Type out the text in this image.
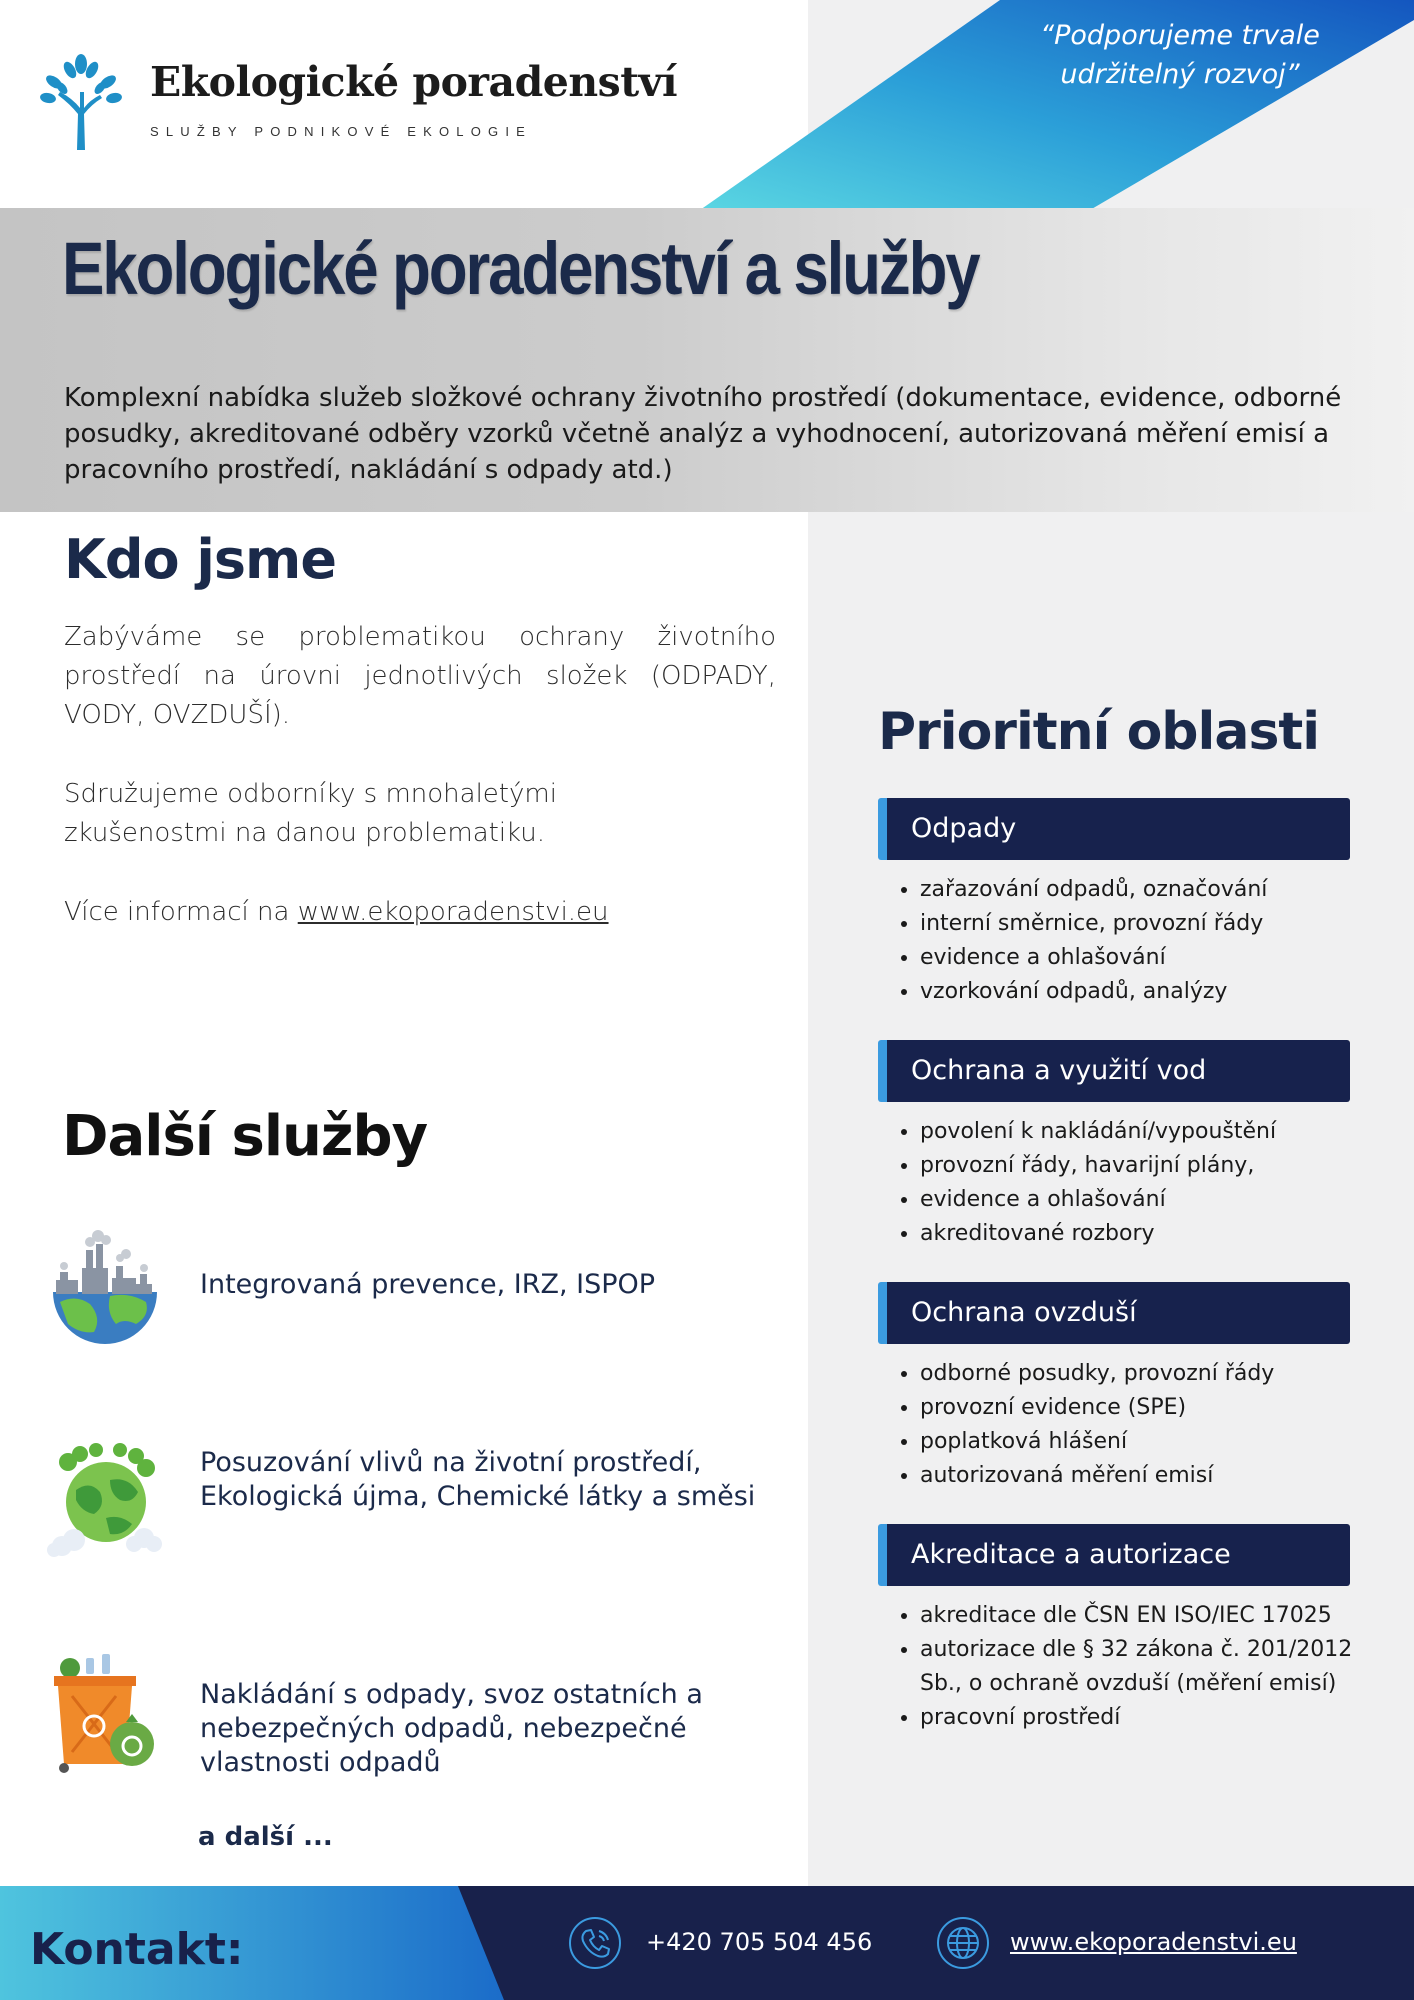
“Podporujeme trvale udržitelný rozvoj”
Ekologické poradenství
SLUŽBY PODNIKOVÉ EKOLOGIE
Ekologické poradenství a služby
Komplexní nabídka služeb složkové ochrany životního prostředí (dokumentace, evidence, odborné posudky, akreditované odběry vzorků včetně analýz a vyhodnocení, autorizovaná měření emisí a pracovního prostředí, nakládání s odpady atd.)
Kdo jsme
Zabýváme se problematikou ochrany životního prostředí na úrovni jednotlivých složek (ODPADY, VODY, OVZDUŠÍ).
Sdružujeme odborníky s mnohaletými zkušenostmi na danou problematiku.
Více informací na www.ekoporadenstvi.eu
Další služby
Integrovaná prevence, IRZ, ISPOP
Posuzování vlivů na životní prostředí, Ekologická újma, Chemické látky a směsi
Nakládání s odpady, svoz ostatních a nebezpečných odpadů, nebezpečné vlastnosti odpadů
a další ...
Prioritní oblasti
Odpady
• zařazování odpadů, označování
• interní směrnice, provozní řády
• evidence a ohlašování
• vzorkování odpadů, analýzy
Ochrana a využití vod
• povolení k nakládání/vypouštění
• provozní řády, havarijní plány,
• evidence a ohlašování
• akreditované rozbory
Ochrana ovzduší
• odborné posudky, provozní řády
• provozní evidence (SPE)
• poplatková hlášení
• autorizovaná měření emisí
Akreditace a autorizace
• akreditace dle ČSN EN ISO/IEC 17025
• autorizace dle § 32 zákona č. 201/2012 Sb., o ochraně ovzduší (měření emisí)
• pracovní prostředí
Kontakt:	+420 705 504 456	www.ekoporadenstvi.eu
